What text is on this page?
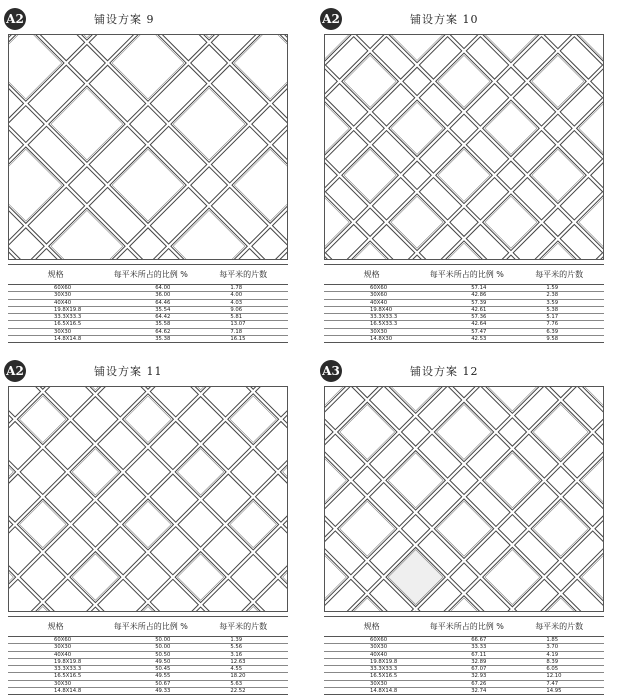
A2	铺设方案 9
规格	每平米所占的比例 %	每平米的片数
60X60	64.00	1.78
30X30	36.00	4.00
40X40	64.46	4.03
19.8X19.8	35.54	9.06
33.3X33.3	64.42	5.81
16.5X16.5	35.58	13.07
30X30	64.62	7.18
14.8X14.8	35.38	16.15
A2	铺设方案 10
规格	每平米所占的比例 %	每平米的片数
60X60	57.14	1.59
30X60	42.86	2.38
40X40	57.39	3.59
19.8X40	42.61	5.38
33.3X33.3	57.36	5.17
16.5X33.3	42.64	7.76
30X30	57.47	6.39
14.8X30	42.53	9.58
A2	铺设方案 11
规格	每平米所占的比例 %	每平米的片数
60X60	50.00	1.39
30X30	50.00	5.56
40X40	50.50	3.16
19.8X19.8	49.50	12.63
33.3X33.3	50.45	4.55
16.5X16.5	49.55	18.20
30X30	50.67	5.63
14.8X14.8	49.33	22.52
A3	铺设方案 12
规格	每平米所占的比例 %	每平米的片数
60X60	66.67	1.85
30X30	33.33	3.70
40X40	67.11	4.19
19.8X19.8	32.89	8.39
33.3X33.3	67.07	6.05
16.5X16.5	32.93	12.10
30X30	67.26	7.47
14.8X14.8	32.74	14.95
